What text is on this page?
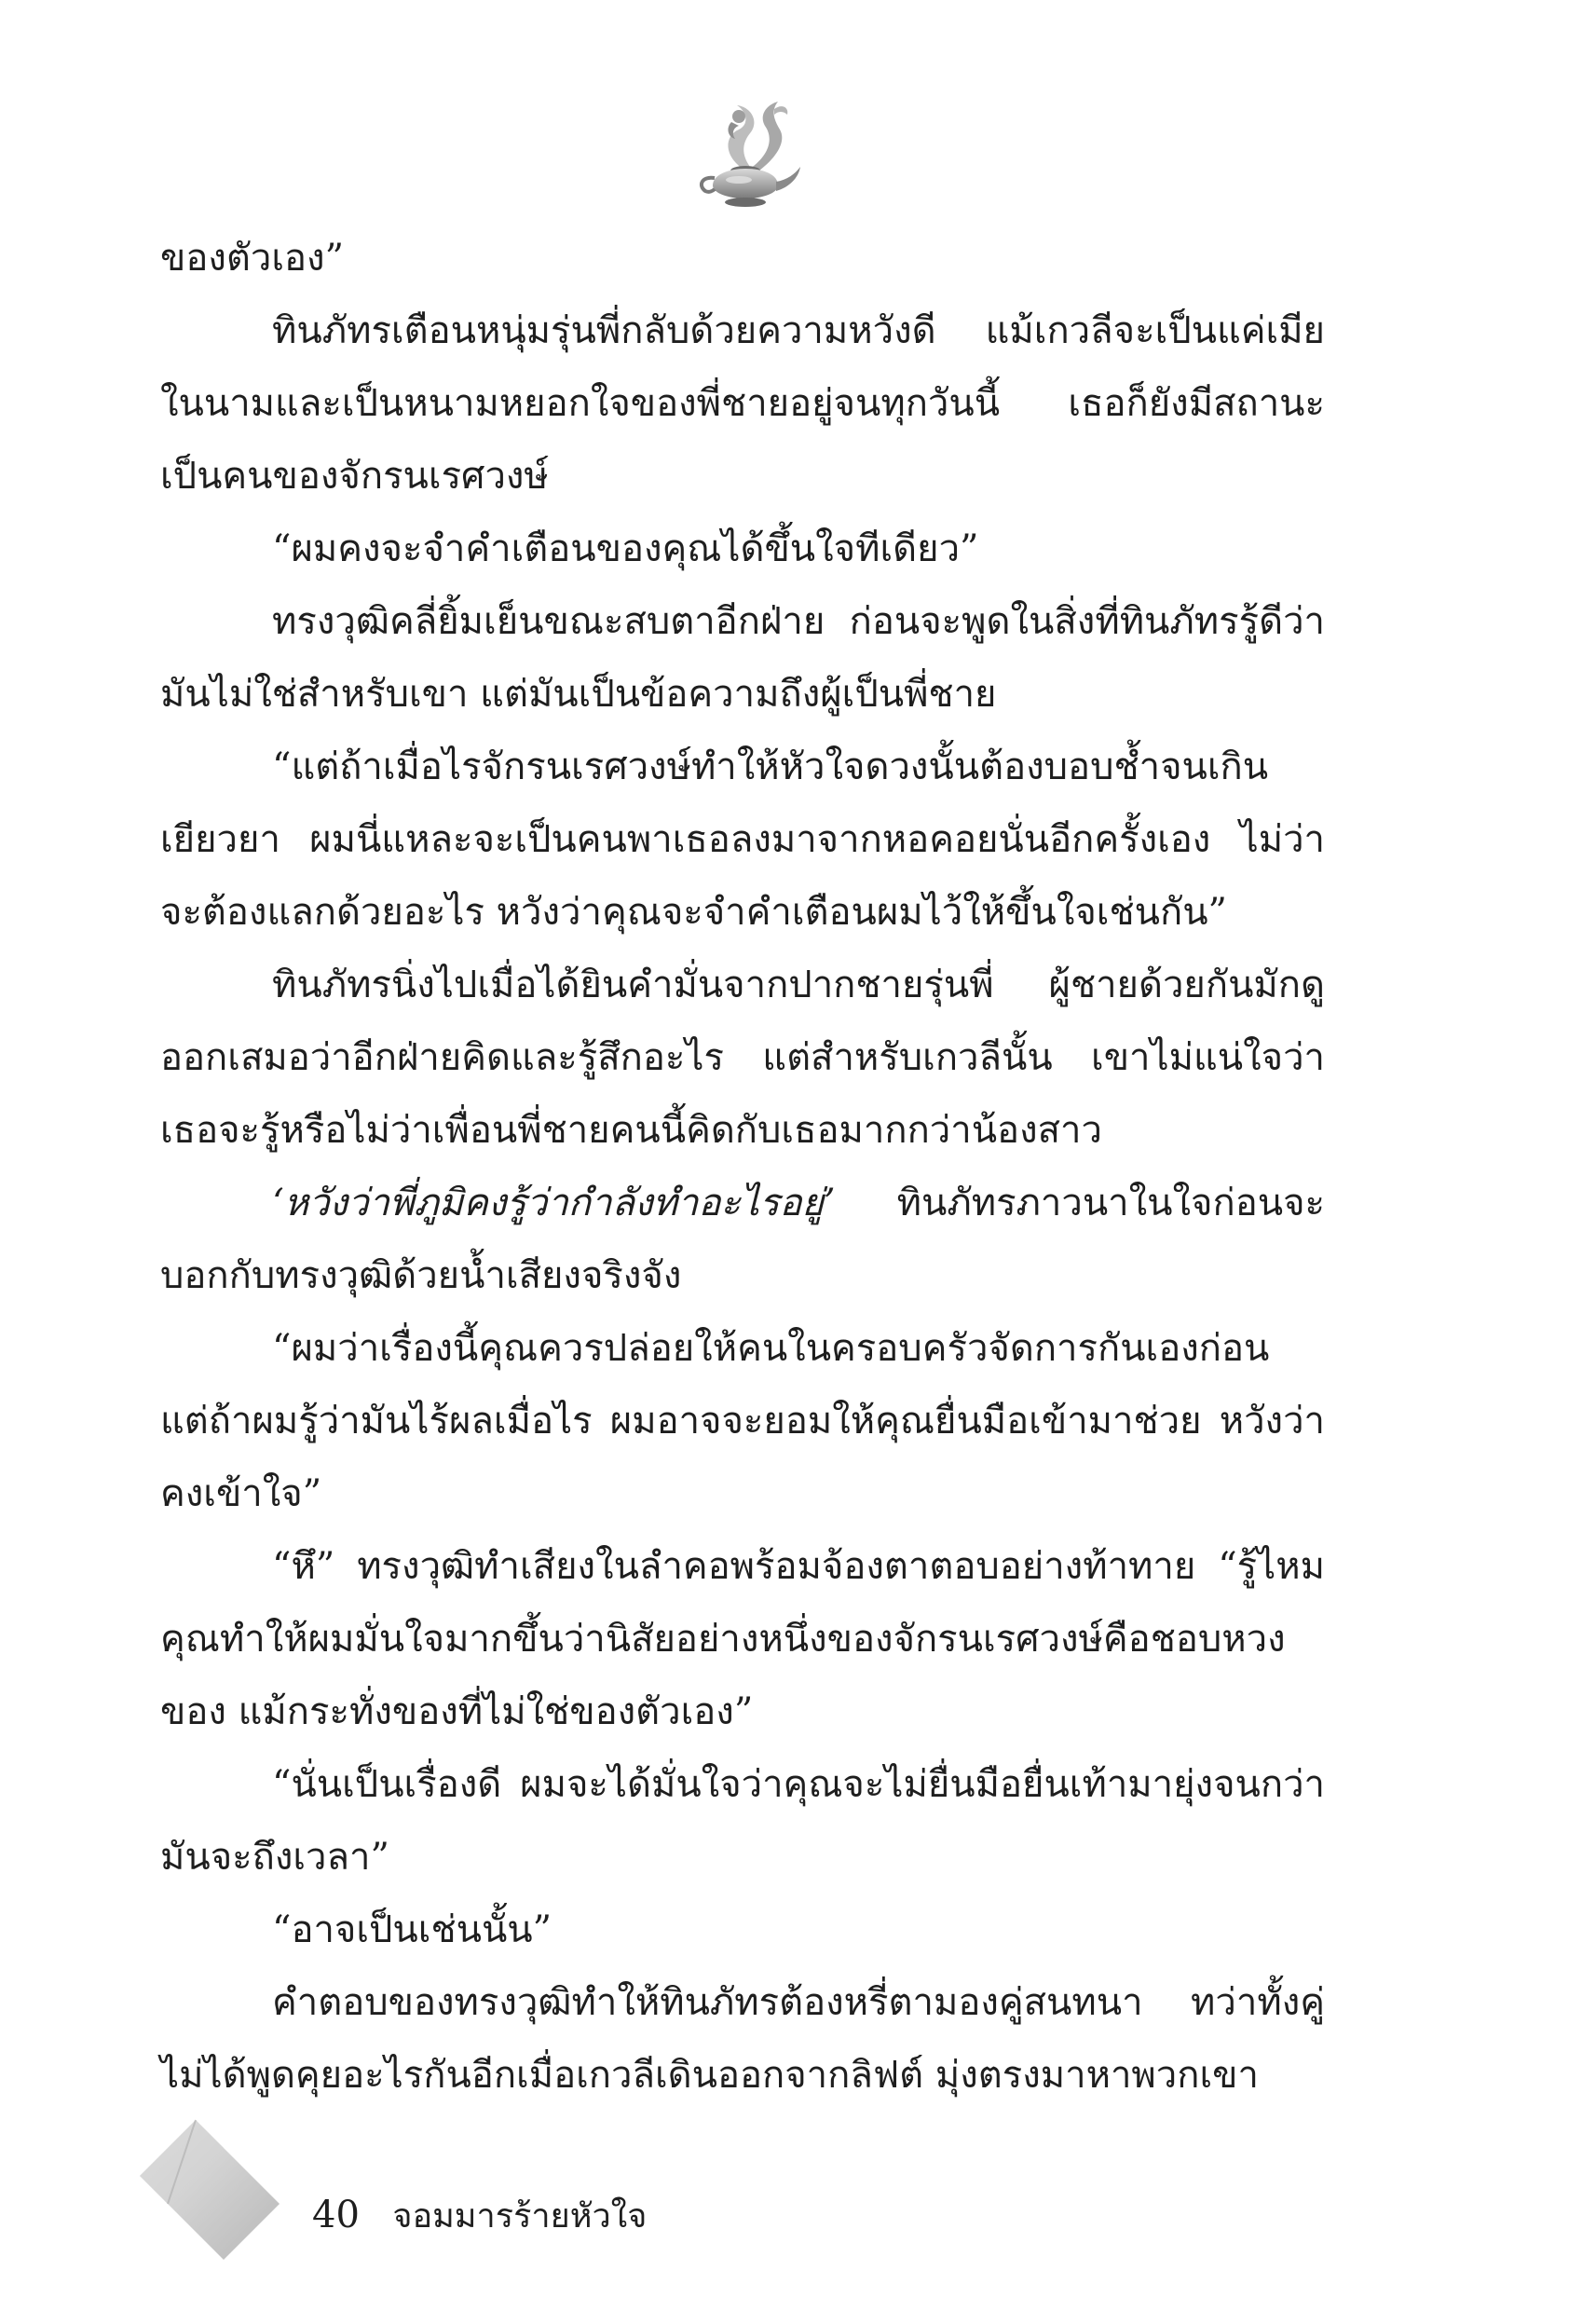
ของตัวเอง”

ทินภัทรเตือนหนุ่มรุ่นพี่กลับด้วยความหวังดี แม้เกวลีจะเป็นแค่เมียในนามและเป็นหนามหยอกใจของพี่ชายอยู่จนทุกวันนี้ เธอก็ยังมีสถานะเป็นคนของจักรนเรศวงษ์

“ผมคงจะจำคำเตือนของคุณได้ขึ้นใจทีเดียว”

ทรงวุฒิคลี่ยิ้มเย็นขณะสบตาอีกฝ่าย ก่อนจะพูดในสิ่งที่ทินภัทรรู้ดีว่ามันไม่ใช่สำหรับเขา แต่มันเป็นข้อความถึงผู้เป็นพี่ชาย

“แต่ถ้าเมื่อไรจักรนเรศวงษ์ทำให้หัวใจดวงนั้นต้องบอบช้ำจนเกินเยียวยา ผมนี่แหละจะเป็นคนพาเธอลงมาจากหอคอยนั่นอีกครั้งเอง ไม่ว่าจะต้องแลกด้วยอะไร หวังว่าคุณจะจำคำเตือนผมไว้ให้ขึ้นใจเช่นกัน”

ทินภัทรนิ่งไปเมื่อได้ยินคำมั่นจากปากชายรุ่นพี่ ผู้ชายด้วยกันมักดูออกเสมอว่าอีกฝ่ายคิดและรู้สึกอะไร แต่สำหรับเกวลีนั้น เขาไม่แน่ใจว่าเธอจะรู้หรือไม่ว่าเพื่อนพี่ชายคนนี้คิดกับเธอมากกว่าน้องสาว

‘หวังว่าพี่ภูมิคงรู้ว่ากำลังทำอะไรอยู่’ ทินภัทรภาวนาในใจก่อนจะบอกกับทรงวุฒิด้วยน้ำเสียงจริงจัง

“ผมว่าเรื่องนี้คุณควรปล่อยให้คนในครอบครัวจัดการกันเองก่อน แต่ถ้าผมรู้ว่ามันไร้ผลเมื่อไร ผมอาจจะยอมให้คุณยื่นมือเข้ามาช่วย หวังว่าคงเข้าใจ”

“หึ” ทรงวุฒิทำเสียงในลำคอพร้อมจ้องตาตอบอย่างท้าทาย “รู้ไหม คุณทำให้ผมมั่นใจมากขึ้นว่านิสัยอย่างหนึ่งของจักรนเรศวงษ์คือชอบหวงของ แม้กระทั่งของที่ไม่ใช่ของตัวเอง”

“นั่นเป็นเรื่องดี ผมจะได้มั่นใจว่าคุณจะไม่ยื่นมือยื่นเท้ามายุ่งจนกว่ามันจะถึงเวลา”

“อาจเป็นเช่นนั้น”

คำตอบของทรงวุฒิทำให้ทินภัทรต้องหรี่ตามองคู่สนทนา ทว่าทั้งคู่ไม่ได้พูดคุยอะไรกันอีกเมื่อเกวลีเดินออกจากลิฟต์ มุ่งตรงมาหาพวกเขา

40 จอมมารร้ายหัวใจ
